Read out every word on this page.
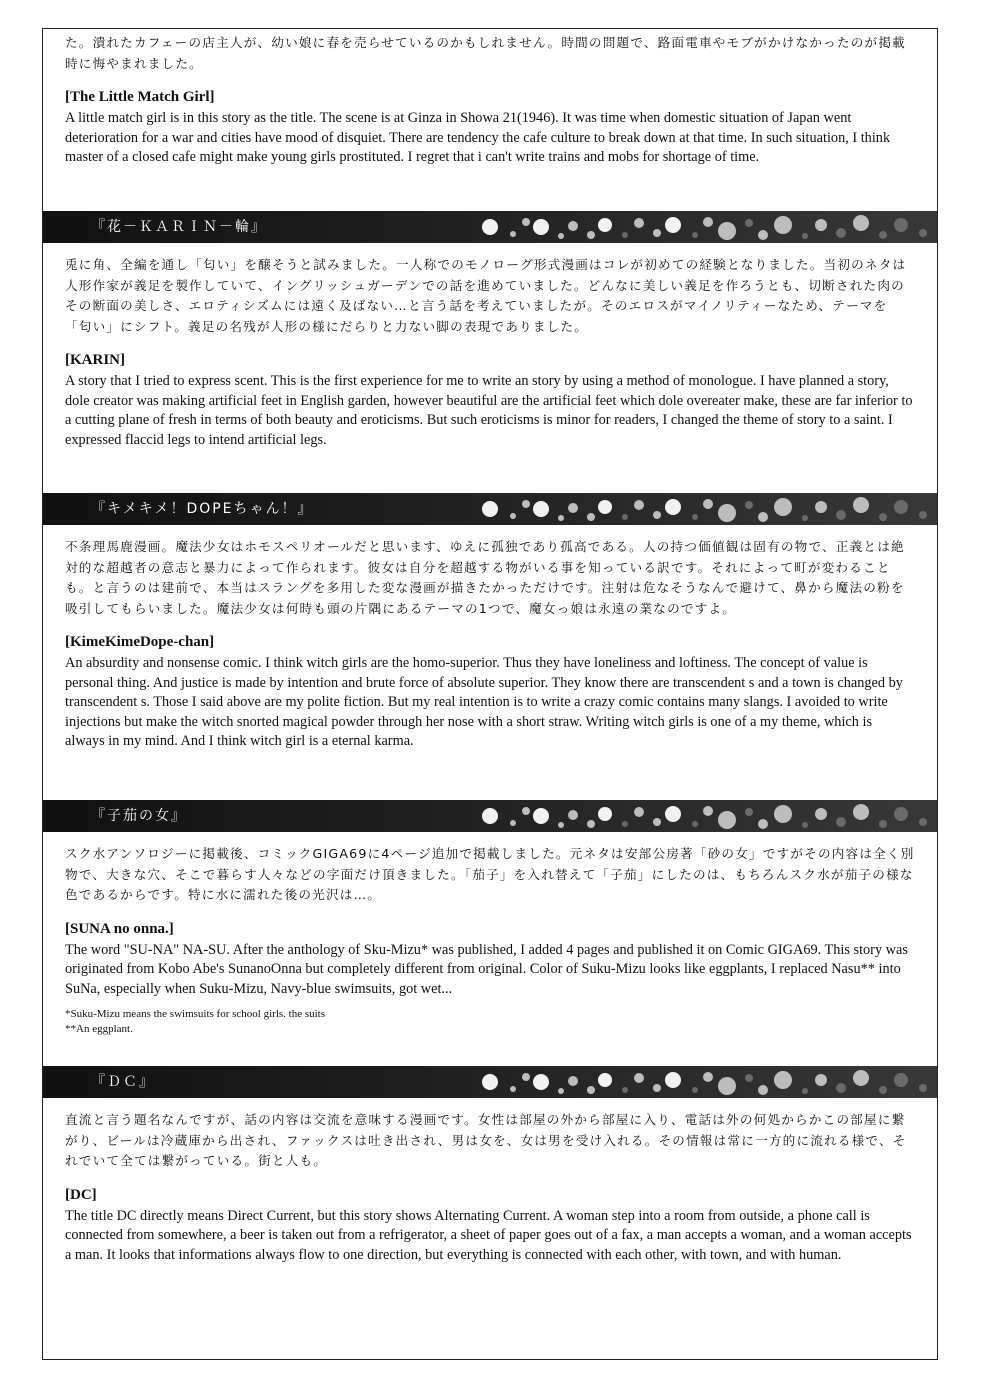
た。潰れたカフェーの店主人が、幼い娘に春を売らせているのかもしれません。時間の問題で、路面電車やモブがかけなかったのが掲載時に悔やまれました。

[The Little Match Girl]

A little match girl is in this story as the title. The scene is at Ginza in Showa 21(1946). It was time when domestic situation of Japan went deterioration for a war and cities have mood of disquiet. There are tendency the cafe culture to break down at that time. In such situation, I think master of a closed cafe might make young girls prostituted. I regret that i can't write trains and mobs for shortage of time.

『花－ＫＡＲＩＮ－輪』

兎に角、全編を通し「匂い」を醸そうと試みました。一人称でのモノローグ形式漫画はコレが初めての経験となりました。当初のネタは人形作家が義足を製作していて、イングリッシュガーデンでの話を進めていました。どんなに美しい義足を作ろうとも、切断された肉のその断面の美しさ、エロティシズムには遠く及ばない…と言う話を考えていましたが。そのエロスがマイノリティーなため、テーマを「匂い」にシフト。義足の名残が人形の様にだらりと力ない脚の表現でありました。

[KARIN]

A story that I tried to express scent. This is the first experience for me to write an story by using a method of monologue. I have planned a story, dole creator was making artificial feet in English garden, however beautiful are the artificial feet which dole overeater make, these are far inferior to a cutting plane of fresh in terms of both beauty and eroticisms. But such eroticisms is minor for readers, I changed the theme of story to a saint. I expressed flaccid legs to intend artificial legs.

『キメキメ！DOPEちゃん！』

不条理馬鹿漫画。魔法少女はホモスペリオールだと思います、ゆえに孤独であり孤高である。人の持つ価値観は固有の物で、正義とは絶対的な超越者の意志と暴力によって作られます。彼女は自分を超越する物がいる事を知っている訳です。それによって町が変わることも。と言うのは建前で、本当はスラングを多用した変な漫画が描きたかっただけです。注射は危なそうなんで避けて、鼻から魔法の粉を吸引してもらいました。魔法少女は何時も頭の片隅にあるテーマの1つで、魔女っ娘は永遠の業なのですよ。

[KimeKimeDope-chan]

An absurdity and nonsense comic. I think witch girls are the homo-superior. Thus they have loneliness and loftiness. The concept of value is personal thing. And justice is made by intention and brute force of absolute superior. They know there are transcendent s and a town is changed by transcendent s. Those I said above are my polite fiction. But my real intention is to write a crazy comic contains many slangs. I avoided to write injections but make the witch snorted magical powder through her nose with a short straw. Writing witch girls is one of a my theme, which is always in my mind. And I think witch girl is a eternal karma.

『子茄の女』

スク水アンソロジーに掲載後、コミックGIGA69に4ページ追加で掲載しました。元ネタは安部公房著「砂の女」ですがその内容は全く別物で、大きな穴、そこで暮らす人々などの字面だけ頂きました。「茄子」を入れ替えて「子茄」にしたのは、もちろんスク水が茄子の様な色であるからです。特に水に濡れた後の光沢は…。

[SUNA no onna.]

The word "SU-NA" NA-SU. After the anthology of Sku-Mizu* was published, I added 4 pages and published it on Comic GIGA69. This story was originated from Kobo Abe's SunanoOnna but completely different from original. Color of Suku-Mizu looks like eggplants, I replaced Nasu** into SuNa, especially when Suku-Mizu, Navy-blue swimsuits, got wet...

*Suku-Mizu means the swimsuits for school girls. the suits
**An eggplant.
『ＤＣ』

直流と言う題名なんですが、話の内容は交流を意味する漫画です。女性は部屋の外から部屋に入り、電話は外の何処からかこの部屋に繋がり、ビールは冷蔵庫から出され、ファックスは吐き出され、男は女を、女は男を受け入れる。その情報は常に一方的に流れる様で、それでいて全ては繋がっている。街と人も。

[DC]

The title DC directly means Direct Current, but this story shows Alternating Current. A woman step into a room from outside, a phone call is connected from somewhere, a beer is taken out from a refrigerator, a sheet of paper goes out of a fax, a man accepts a woman, and a woman accepts a man. It looks that informations always flow to one direction, but everything is connected with each other, with town, and with human.
